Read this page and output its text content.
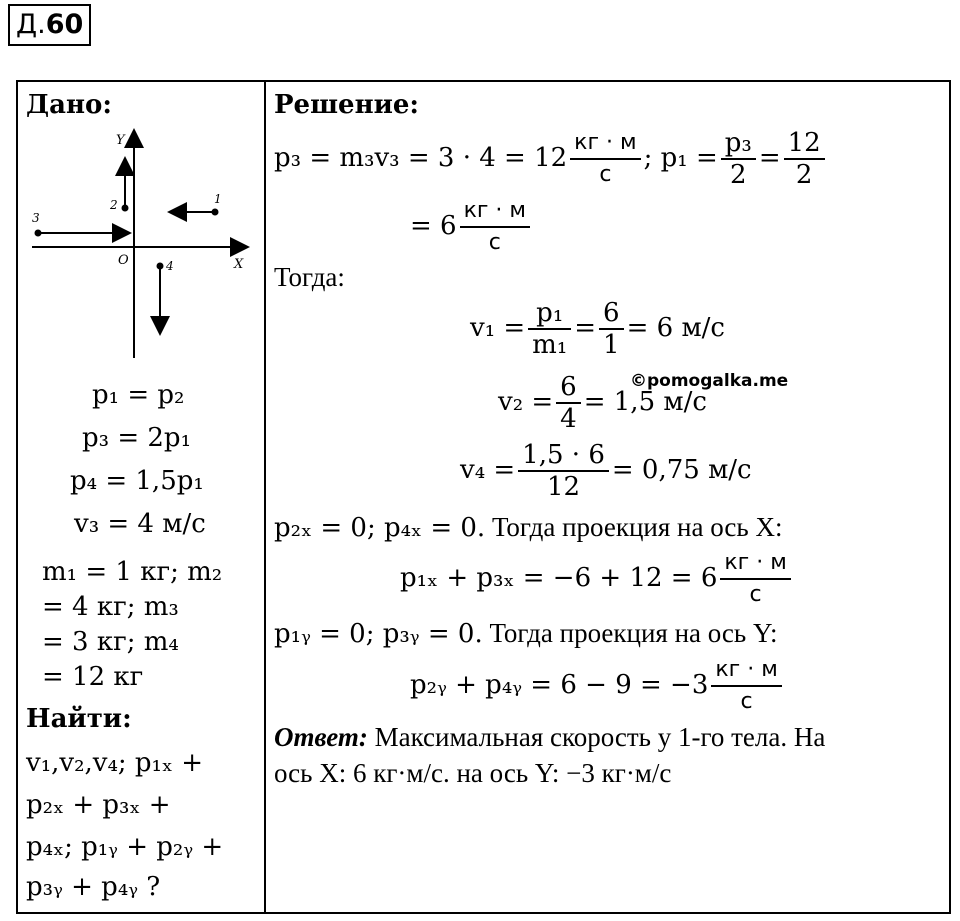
Д.60
Дано:
Y
X
O
1
2
3
4
p₁ = p₂
p₃ = 2p₁
p₄ = 1,5p₁
v₃ = 4 м/с
m₁ = 1 кг; m₂
= 4 кг; m₃
= 3 кг; m₄
= 12 кг
Найти:
v₁,v₂,v₄; p₁ₓ +
p₂ₓ + p₃ₓ +
p₄ₓ; p₁ᵧ + p₂ᵧ +
p₃ᵧ + p₄ᵧ ?
Решение:
$p_3 = m_3v_3 = 3 \cdot 4 = 12 \frac{кг \cdot м}{с}$ ; $p_1 = \frac{\text{p₃}}{2} = \frac{12}{2}$
= $6 \frac{кг \cdot м}{с}$
Тогда:
$v_1 = \frac{\text{p₁}}{\text{m₁}} = \frac{6}{1} = 6$ м/с
©pomogalka.me
$v_2 = \frac{6}{4} = 1,5$ м/с
$v_4 = \frac{1,5 \cdot 6}{12} = 0,75$ м/с
p₂ₓ = 0; p₄ₓ = 0. Тогда проекция на ось X:
$p_{1x} + p_{3x} = -6 + 12 = 6 \frac{кг \cdot м}{с}$
p₁ᵧ = 0; p₃ᵧ = 0. Тогда проекция на ось Y:
p₂ᵧ + p₄ᵧ = $6 - 9 = -3 \frac{кг \cdot м}{с}$
Ответ: Максимальная скорость у 1-го тела. На
ось X: 6 кг·м/с. на ось Y: −3 кг·м/с
